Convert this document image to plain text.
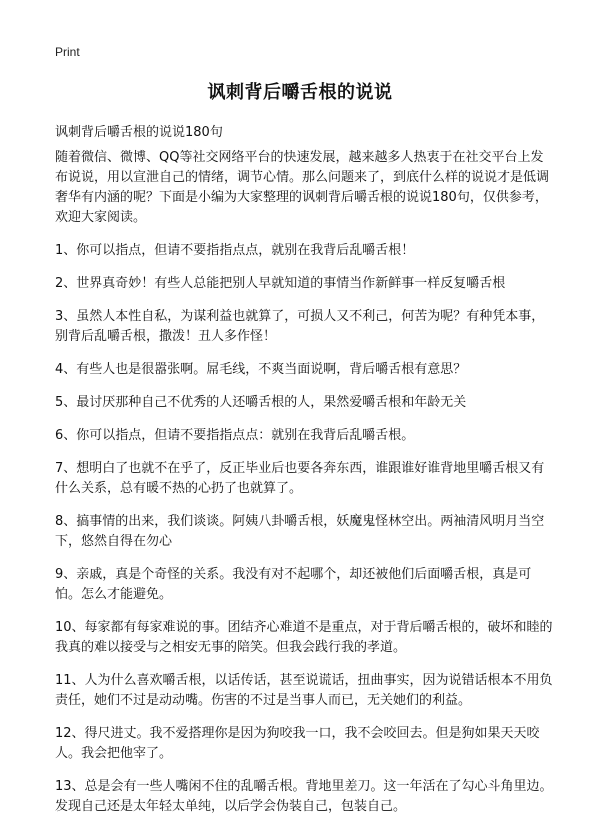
Print
讽刺背后嚼舌根的说说
讽刺背后嚼舌根的说说180句

随着微信、微博、QQ等社交网络平台的快速发展，越来越多人热衷于在社交平台上发布说说，用以宣泄自己的情绪，调节心情。那么问题来了，到底什么样的说说才是低调奢华有内涵的呢？下面是小编为大家整理的讽刺背后嚼舌根的说说180句，仅供参考，欢迎大家阅读。

1、你可以指点，但请不要指指点点，就别在我背后乱嚼舌根！

2、世界真奇妙！有些人总能把别人早就知道的事情当作新鲜事一样反复嚼舌根

3、虽然人本性自私，为谋利益也就算了，可损人又不利己，何苦为呢？有种凭本事，别背后乱嚼舌根，撒泼！丑人多作怪！

4、有些人也是很嚣张啊。屌毛线，不爽当面说啊，背后嚼舌根有意思？

5、最讨厌那种自己不优秀的人还嚼舌根的人，果然爱嚼舌根和年龄无关

6、你可以指点，但请不要指指点点：就别在我背后乱嚼舌根。

7、想明白了也就不在乎了，反正毕业后也要各奔东西，谁跟谁好谁背地里嚼舌根又有什么关系，总有暖不热的心扔了也就算了。

8、搞事情的出来，我们谈谈。阿姨八卦嚼舌根，妖魔鬼怪林空出。两袖清风明月当空下，悠然自得在勿心

9、亲戚，真是个奇怪的关系。我没有对不起哪个，却还被他们后面嚼舌根，真是可怕。怎么才能避免。

10、每家都有每家难说的事。团结齐心难道不是重点，对于背后嚼舌根的，破坏和睦的我真的难以接受与之相安无事的陪笑。但我会践行我的孝道。

11、人为什么喜欢嚼舌根，以话传话，甚至说谎话，扭曲事实，因为说错话根本不用负责任，她们不过是动动嘴。伤害的不过是当事人而已，无关她们的利益。

12、得尺进丈。我不爱搭理你是因为狗咬我一口，我不会咬回去。但是狗如果天天咬人。我会把他宰了。

13、总是会有一些人嘴闲不住的乱嚼舌根。背地里差刀。这一年活在了勾心斗角里边。发现自己还是太年轻太单纯，以后学会伪装自己，包装自己。
